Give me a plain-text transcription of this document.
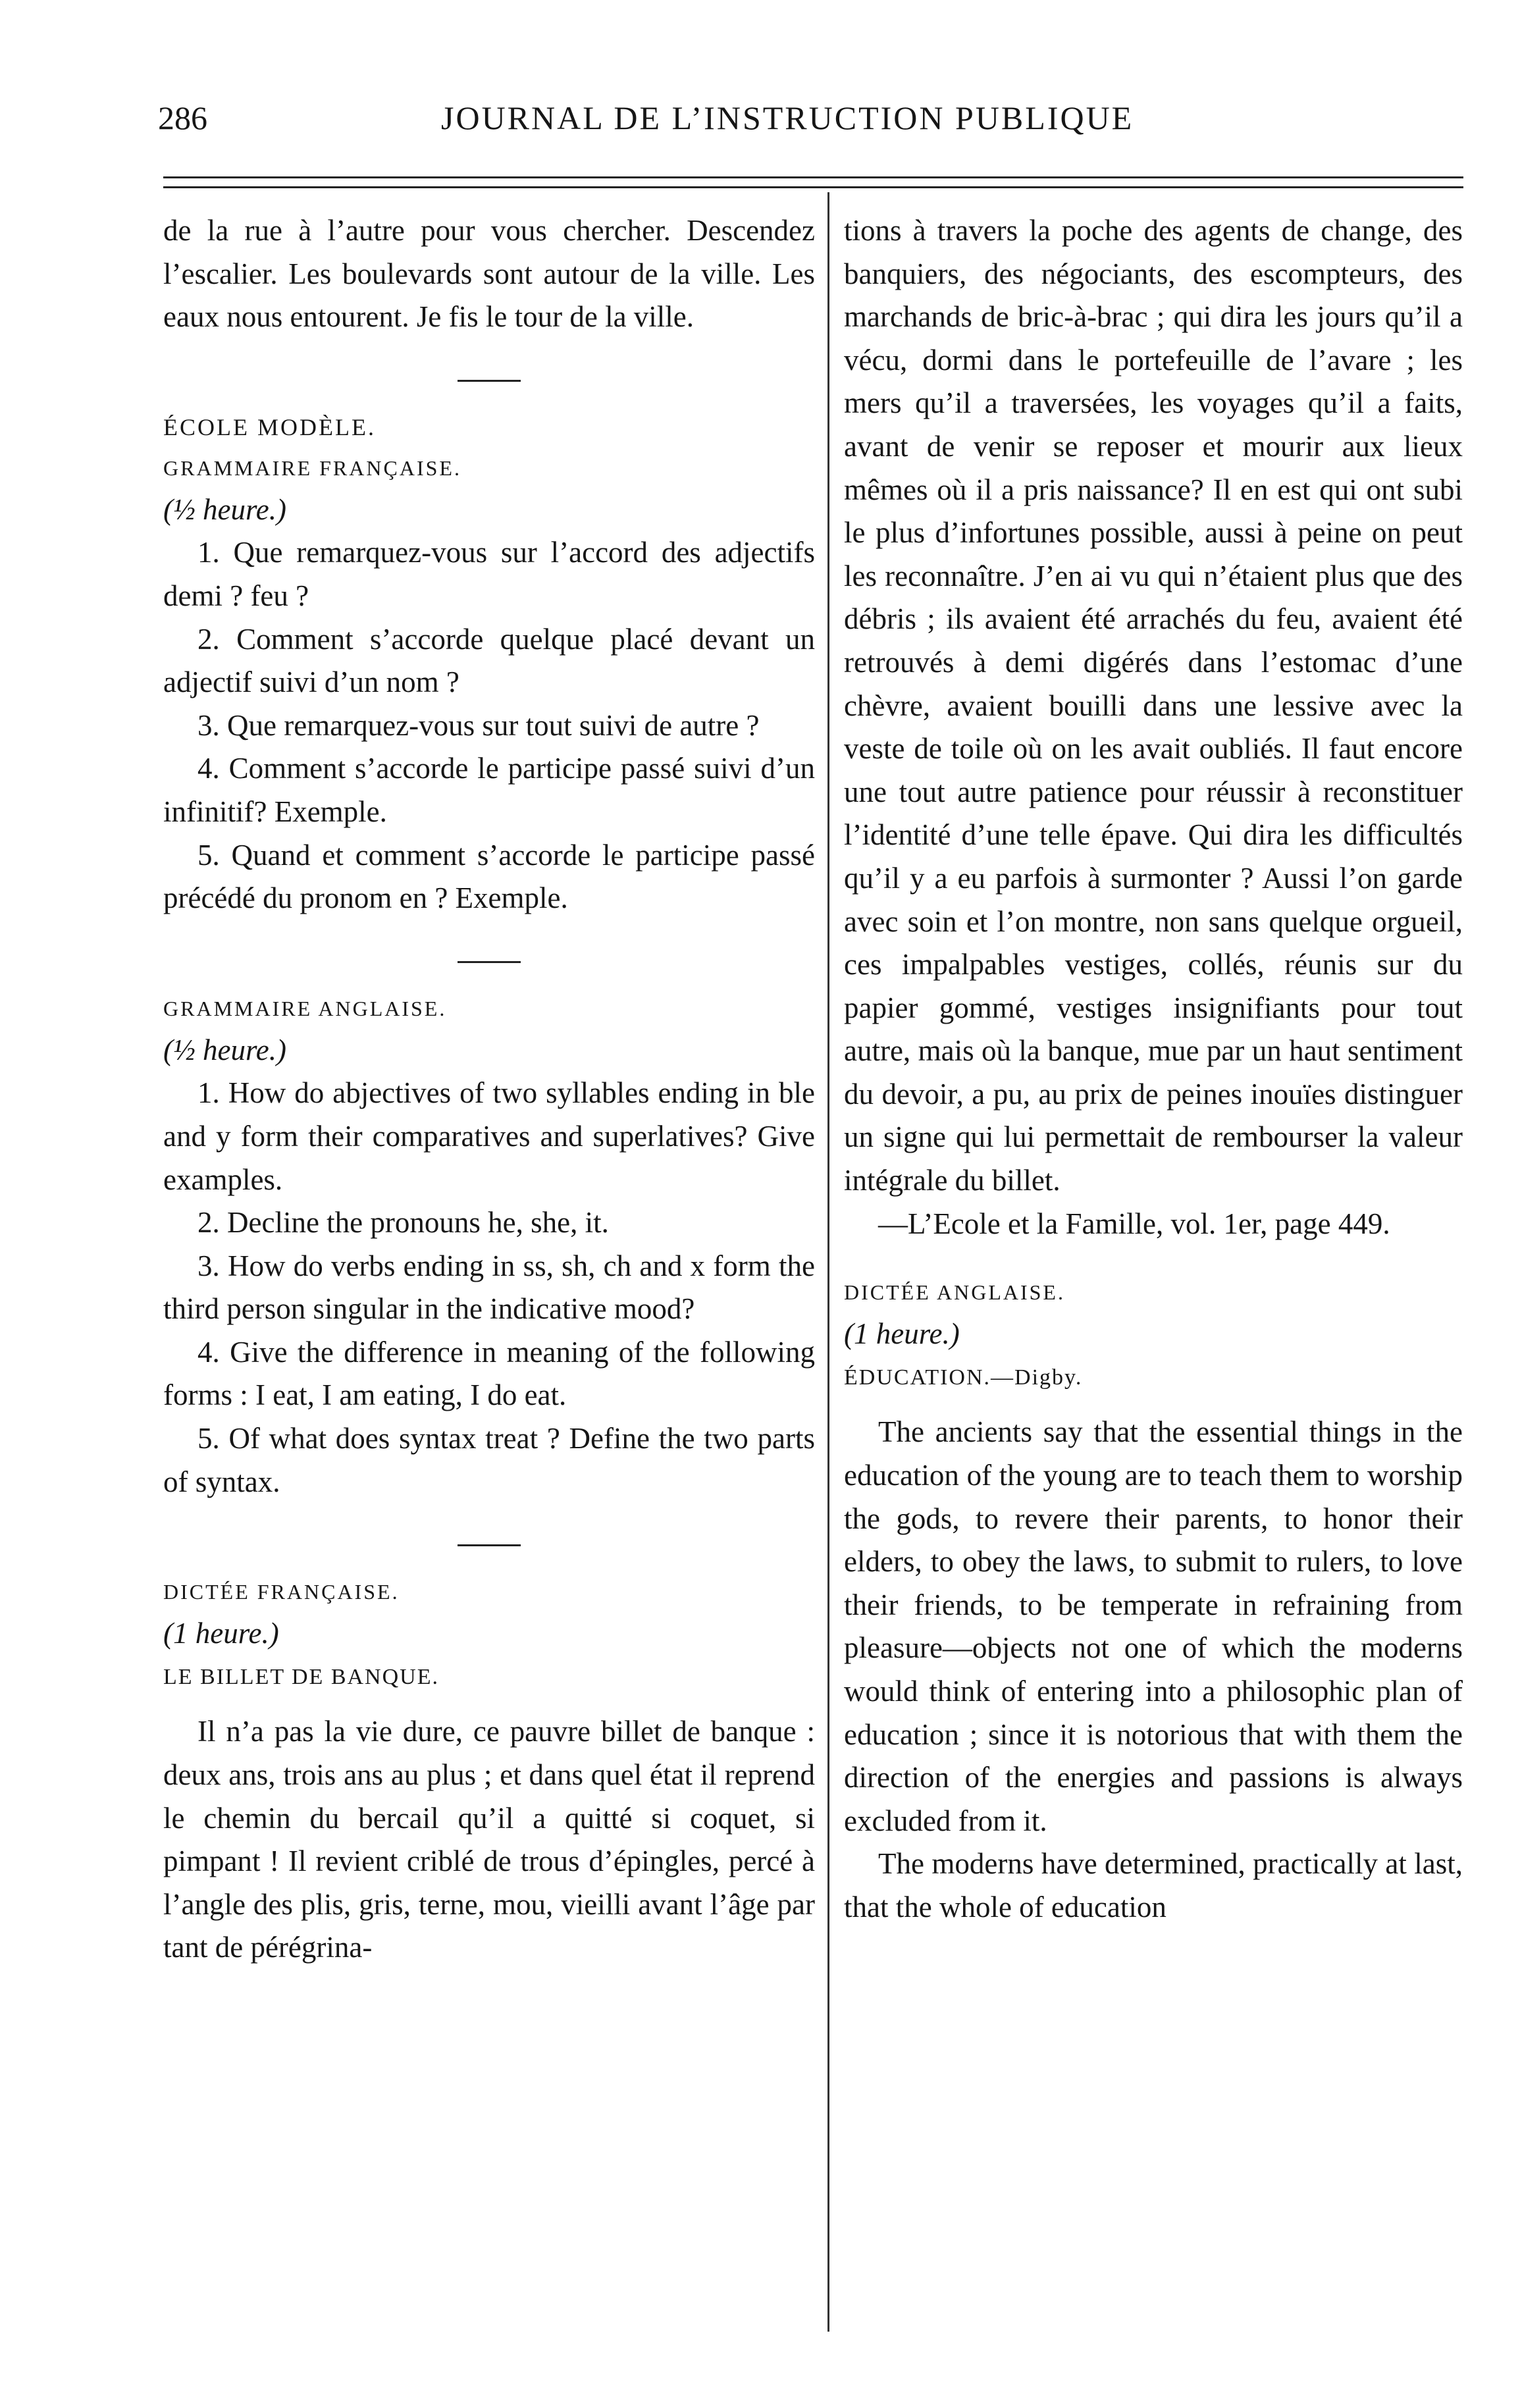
286	JOURNAL DE L’INSTRUCTION PUBLIQUE

de la rue à l’autre pour vous chercher. Descendez l’escalier. Les boulevards sont autour de la ville. Les eaux nous entourent. Je fis le tour de la ville.

ÉCOLE MODÈLE.

GRAMMAIRE FRANÇAISE.

(½ heure.)

1. Que remarquez-vous sur l’accord des adjectifs demi ? feu ?

2. Comment s’accorde quelque placé devant un adjectif suivi d’un nom ?

3. Que remarquez-vous sur tout suivi de autre ?

4. Comment s’accorde le participe passé suivi d’un infinitif? Exemple.

5. Quand et comment s’accorde le participe passé précédé du pronom en ? Exemple.

GRAMMAIRE ANGLAISE.

(½ heure.)

1. How do abjectives of two syllables ending in ble and y form their comparatives and superlatives? Give examples.

2. Decline the pronouns he, she, it.

3. How do verbs ending in ss, sh, ch and x form the third person singular in the indicative mood?

4. Give the difference in meaning of the following forms : I eat, I am eating, I do eat.

5. Of what does syntax treat ? Define the two parts of syntax.

DICTÉE FRANÇAISE.

(1 heure.)

LE BILLET DE BANQUE.

Il n’a pas la vie dure, ce pauvre billet de banque : deux ans, trois ans au plus ; et dans quel état il reprend le chemin du bercail qu’il a quitté si coquet, si pimpant ! Il revient criblé de trous d’épingles, percé à l’angle des plis, gris, terne, mou, vieilli avant l’âge par tant de pérégrina-

tions à travers la poche des agents de change, des banquiers, des négociants, des escompteurs, des marchands de bric-à-brac ; qui dira les jours qu’il a vécu, dormi dans le portefeuille de l’avare ; les mers qu’il a traversées, les voyages qu’il a faits, avant de venir se reposer et mourir aux lieux mêmes où il a pris naissance? Il en est qui ont subi le plus d’infortunes possible, aussi à peine on peut les reconnaître. J’en ai vu qui n’étaient plus que des débris ; ils avaient été arrachés du feu, avaient été retrouvés à demi digérés dans l’estomac d’une chèvre, avaient bouilli dans une lessive avec la veste de toile où on les avait oubliés. Il faut encore une tout autre patience pour réussir à reconstituer l’identité d’une telle épave. Qui dira les difficultés qu’il y a eu parfois à surmonter ? Aussi l’on garde avec soin et l’on montre, non sans quelque orgueil, ces impalpables vestiges, collés, réunis sur du papier gommé, vestiges insignifiants pour tout autre, mais où la banque, mue par un haut sentiment du devoir, a pu, au prix de peines inouïes distinguer un signe qui lui permettait de rembourser la valeur intégrale du billet.

—L’Ecole et la Famille, vol. 1er, page 449.

DICTÉE ANGLAISE.

(1 heure.)

ÉDUCATION.—Digby.

The ancients say that the essential things in the education of the young are to teach them to worship the gods, to revere their parents, to honor their elders, to obey the laws, to submit to rulers, to love their friends, to be temperate in refraining from pleasure—objects not one of which the moderns would think of entering into a philosophic plan of education ; since it is notorious that with them the direction of the energies and passions is always excluded from it.

The moderns have determined, practically at last, that the whole of education
